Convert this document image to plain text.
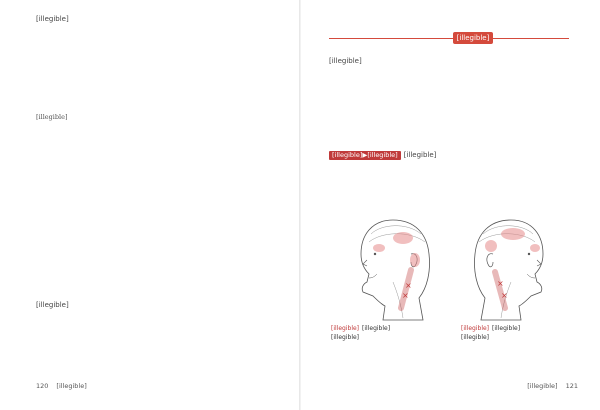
[illegible]

[illegible]

[illegible]

120 [illegible]
[illegible]

[illegible]

[illegible]▶[illegible] [illegible]

×
×
×
×
[illegible] [illegible]
[illegible]
[illegible] [illegible]
[illegible]
[illegible] 121
